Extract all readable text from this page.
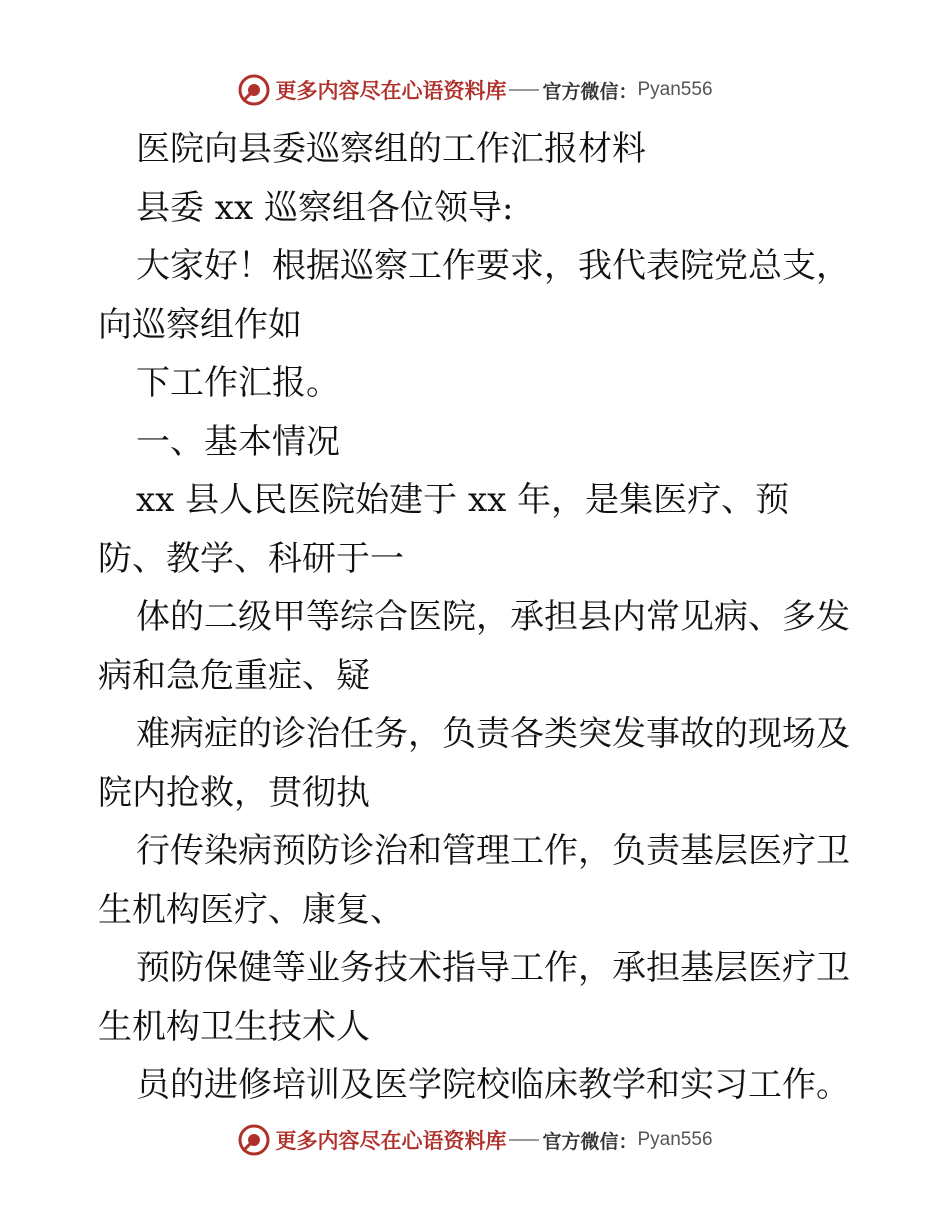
更多内容尽在心语资料库 官方微信： Pyan556
医院向县委巡察组的工作汇报材料
县委 xx 巡察组各位领导:
大家好！根据巡察工作要求，我代表院党总支，
向巡察组作如
下工作汇报。
一、基本情况
xx 县人民医院始建于 xx 年，是集医疗、预
防、教学、科研于一
体的二级甲等综合医院，承担县内常见病、多发
病和急危重症、疑
难病症的诊治任务，负责各类突发事故的现场及
院内抢救，贯彻执
行传染病预防诊治和管理工作，负责基层医疗卫
生机构医疗、康复、
预防保健等业务技术指导工作，承担基层医疗卫
生机构卫生技术人
员的进修培训及医学院校临床教学和实习工作。
更多内容尽在心语资料库 官方微信： Pyan556
